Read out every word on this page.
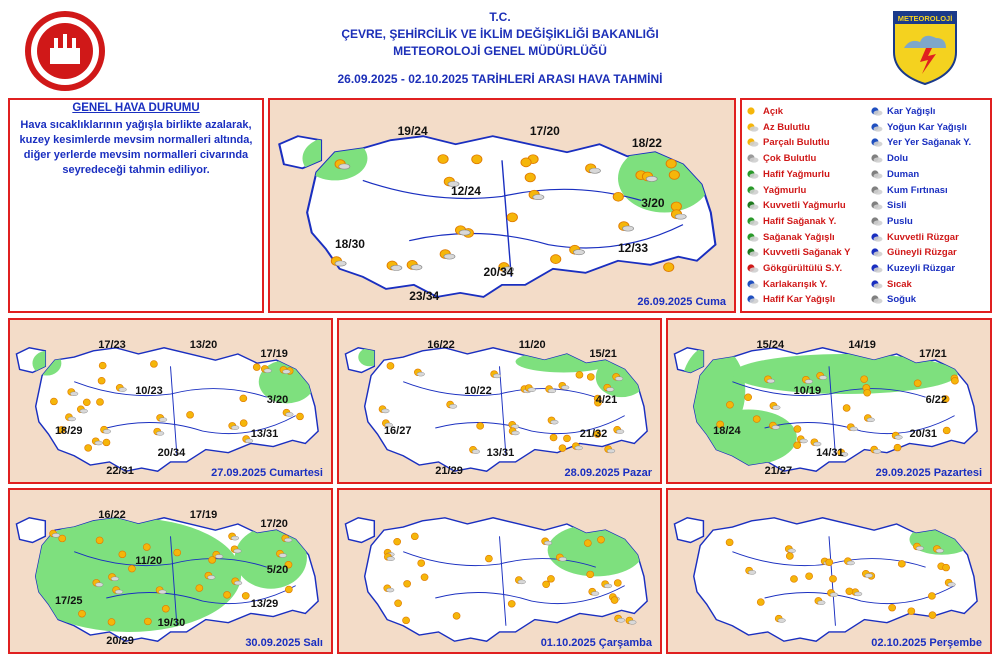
T.C.
ÇEVRE, ŞEHİRCİLİK VE İKLİM DEĞİŞİKLİĞİ BAKANLIĞI
METEOROLOJİ GENEL MÜDÜRLÜĞÜ
26.09.2025 - 02.10.2025 TARİHLERİ ARASI HAVA TAHMİNİ
METEOROLOJİ
GENEL HAVA DURUMU
Hava sıcaklıklarının yağışla birlikte azalarak, kuzey kesimlerde mevsim normalleri altında, diğer yerlerde mevsim normalleri civarında seyredeceği tahmin ediliyor.
26.09.2025 Cuma
19/24	17/20
18/22
12/24
3/20
18/30	12/33
20/34
23/34
Açık
Az Bulutlu
Parçalı Bulutlu
Çok Bulutlu
Hafif Yağmurlu
Yağmurlu
Kuvvetli Yağmurlu
Hafif Sağanak Y.
Sağanak Yağışlı
Kuvvetli Sağanak Y
Gökgürültülü S.Y.
Karlakarışık Y.
Hafif Kar Yağışlı
Kar Yağışlı
Yoğun Kar Yağışlı
Yer Yer Sağanak Y.
Dolu
Duman
Kum Fırtınası
Sisli
Puslu
Kuvvetli Rüzgar
Güneyli Rüzgar
Kuzeyli Rüzgar
Sıcak
Soğuk
27.09.2025 Cumartesi
17/23	13/20
17/19
10/23
3/20
18/29	13/31
20/34
22/31	28.09.2025 Pazar
16/22	11/20
15/21
10/22
4/21
16/27	21/32
13/31
21/29	29.09.2025 Pazartesi
15/24	14/19
17/21
10/19
6/22
18/24	20/31
14/31
21/27
30.09.2025 Salı
16/22	17/19
17/20
11/20
5/20
17/25	13/29
19/30
20/29	01.10.2025 Çarşamba	02.10.2025 Perşembe
